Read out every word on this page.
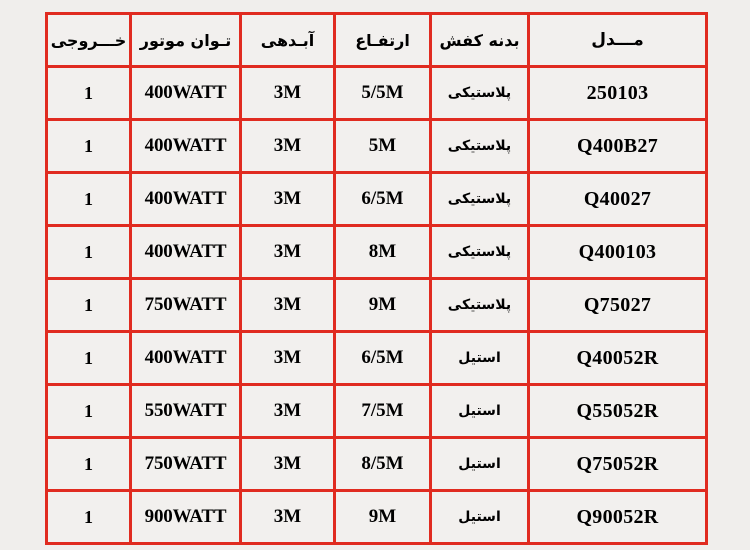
خـــروجی	تـوان موتور	آبـدهی	ارتفـاع	بدنه کفش	مـــدل
1	400WATT	3M	5/5M	پلاستیکی	250103
1	400WATT	3M	5M	پلاستیکی	Q400B27
1	400WATT	3M	6/5M	پلاستیکی	Q40027
1	400WATT	3M	8M	پلاستیکی	Q400103
1	750WATT	3M	9M	پلاستیکی	Q75027
1	400WATT	3M	6/5M	استیل	Q40052R
1	550WATT	3M	7/5M	استیل	Q55052R
1	750WATT	3M	8/5M	استیل	Q75052R
1	900WATT	3M	9M	استیل	Q90052R
